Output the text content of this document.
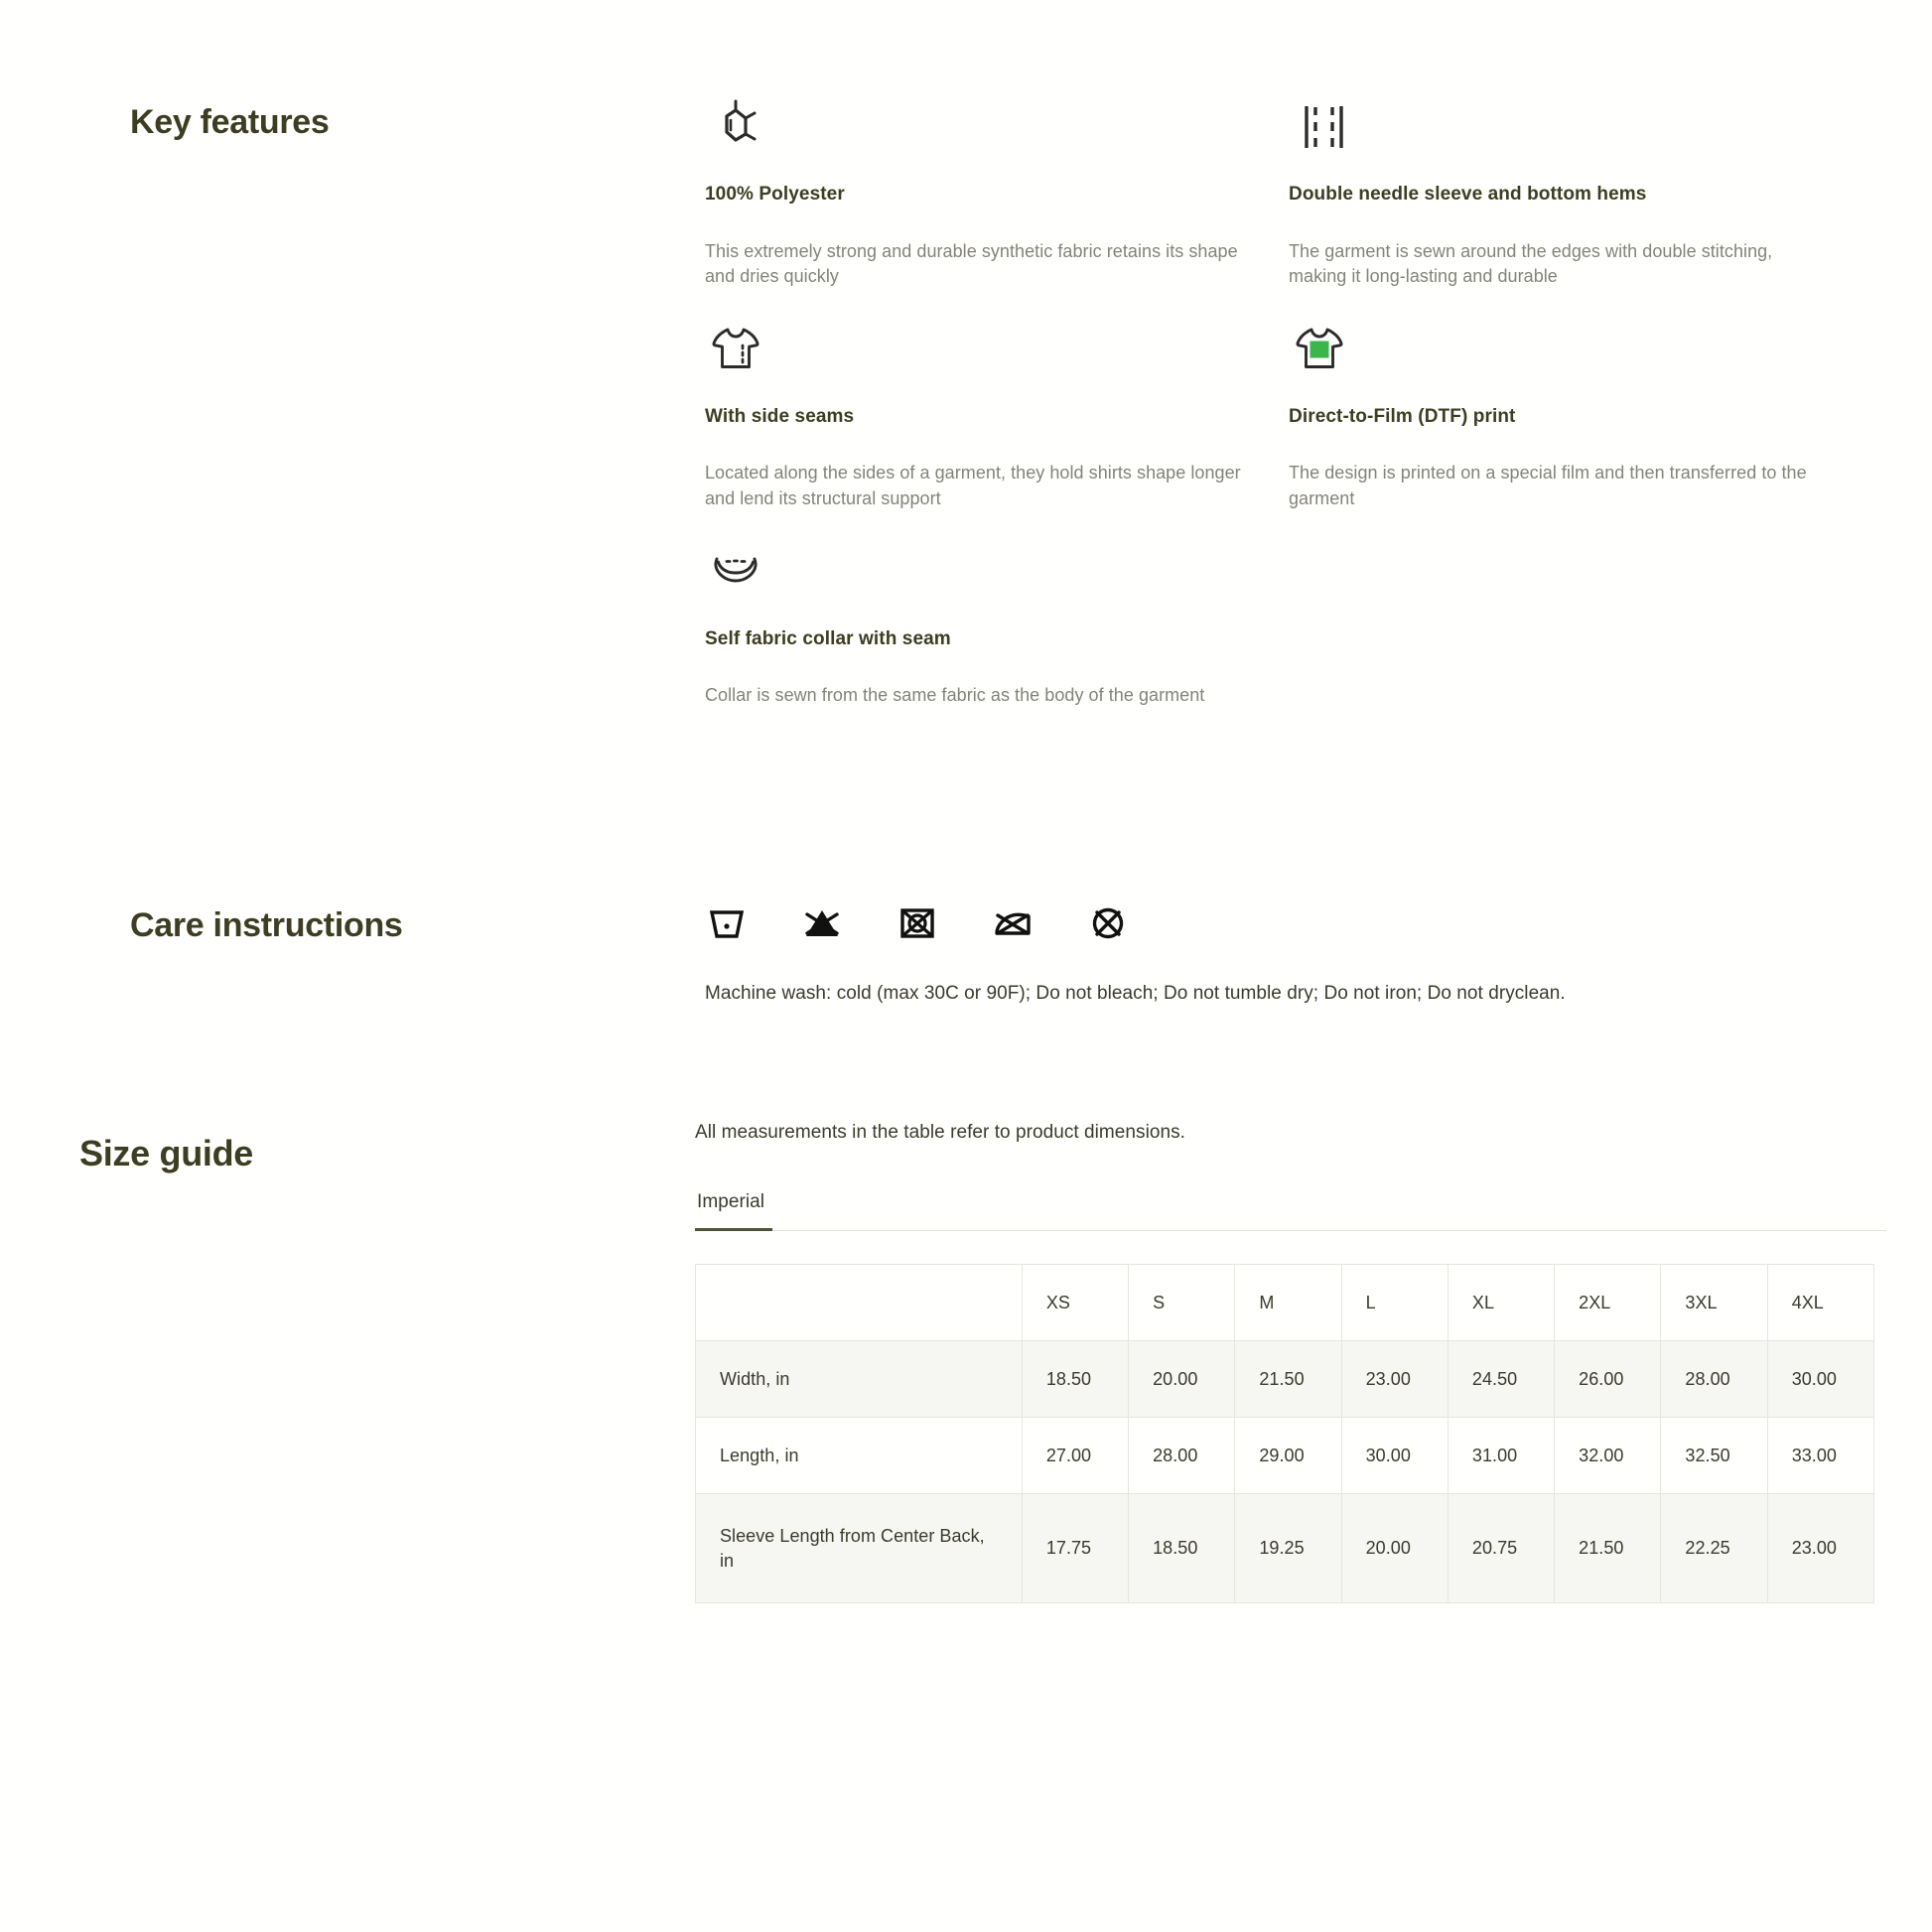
Key features
100% Polyester
This extremely strong and durable synthetic fabric retains its shape and dries quickly
Double needle sleeve and bottom hems
The garment is sewn around the edges with double stitching, making it long-lasting and durable
With side seams
Located along the sides of a garment, they hold shirts shape longer and lend its structural support
Direct-to-Film (DTF) print
The design is printed on a special film and then transferred to the garment
Self fabric collar with seam
Collar is sewn from the same fabric as the body of the garment
Care instructions
Machine wash: cold (max 30C or 90F); Do not bleach; Do not tumble dry; Do not iron; Do not dryclean.
Size guide
All measurements in the table refer to product dimensions.
Imperial
	XS	S	M	L	XL	2XL	3XL	4XL
Width, in	18.50	20.00	21.50	23.00	24.50	26.00	28.00	30.00
Length, in	27.00	28.00	29.00	30.00	31.00	32.00	32.50	33.00
Sleeve Length from Center Back, in	17.75	18.50	19.25	20.00	20.75	21.50	22.25	23.00
